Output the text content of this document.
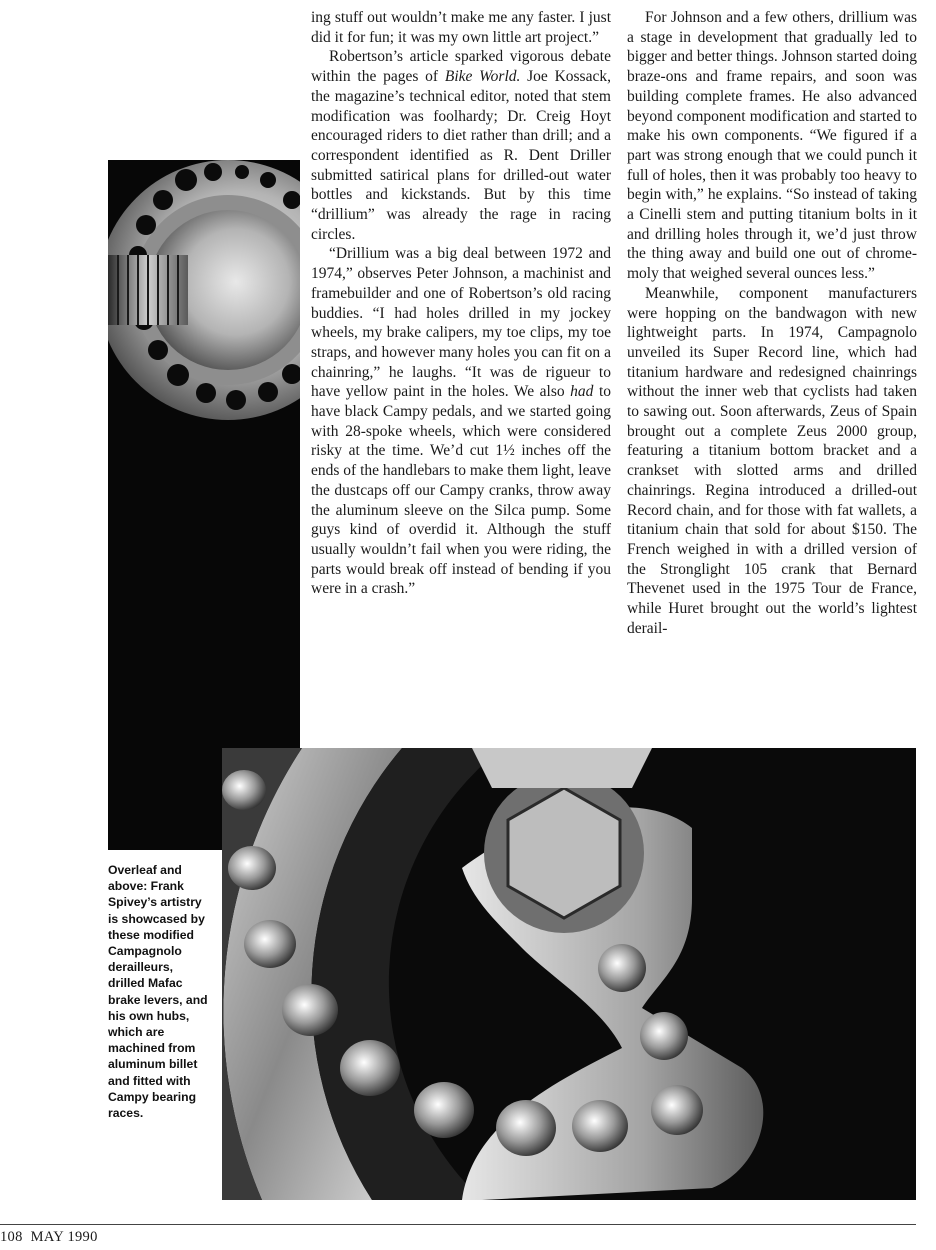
ing stuff out wouldn’t make me any faster. I just did it for fun; it was my own little art project.”

Robertson’s article sparked vigorous debate within the pages of Bike World. Joe Kossack, the magazine’s technical editor, noted that stem modification was foolhardy; Dr. Creig Hoyt encouraged riders to diet rather than drill; and a correspondent identified as R. Dent Driller submitted satirical plans for drilled-out water bottles and kickstands. But by this time “drillium” was already the rage in racing circles.

“Drillium was a big deal between 1972 and 1974,” observes Peter Johnson, a machinist and framebuilder and one of Robertson’s old racing buddies. “I had holes drilled in my jockey wheels, my brake calipers, my toe clips, my toe straps, and however many holes you can fit on a chainring,” he laughs. “It was de rigueur to have yellow paint in the holes. We also had to have black Campy pedals, and we started going with 28-spoke wheels, which were considered risky at the time. We’d cut 1½ inches off the ends of the handlebars to make them light, leave the dustcaps off our Campy cranks, throw away the aluminum sleeve on the Silca pump. Some guys kind of overdid it. Although the stuff usually wouldn’t fail when you were riding, the parts would break off instead of bending if you were in a crash.”

For Johnson and a few others, drillium was a stage in development that gradually led to bigger and better things. Johnson started doing braze-ons and frame repairs, and soon was building complete frames. He also advanced beyond component modification and started to make his own components. “We figured if a part was strong enough that we could punch it full of holes, then it was probably too heavy to begin with,” he explains. “So instead of taking a Cinelli stem and putting titanium bolts in it and drilling holes through it, we’d just throw the thing away and build one out of chrome-moly that weighed several ounces less.”

Meanwhile, component manufacturers were hopping on the bandwagon with new lightweight parts. In 1974, Campagnolo unveiled its Super Record line, which had titanium hardware and redesigned chainrings without the inner web that cyclists had taken to sawing out. Soon afterwards, Zeus of Spain brought out a complete Zeus 2000 group, featuring a titanium bottom bracket and a crankset with slotted arms and drilled chainrings. Regina introduced a drilled-out Record chain, and for those with fat wallets, a titanium chain that sold for about $150. The French weighed in with a drilled version of the Stronglight 105 crank that Bernard Thevenet used in the 1975 Tour de France, while Huret brought out the world’s lightest derail-

Overleaf and above: Frank Spivey’s artistry is showcased by these modified Campagnolo derailleurs, drilled Mafac brake levers, and his own hubs, which are machined from aluminum billet and fitted with Campy bearing races.
108 MAY 1990
